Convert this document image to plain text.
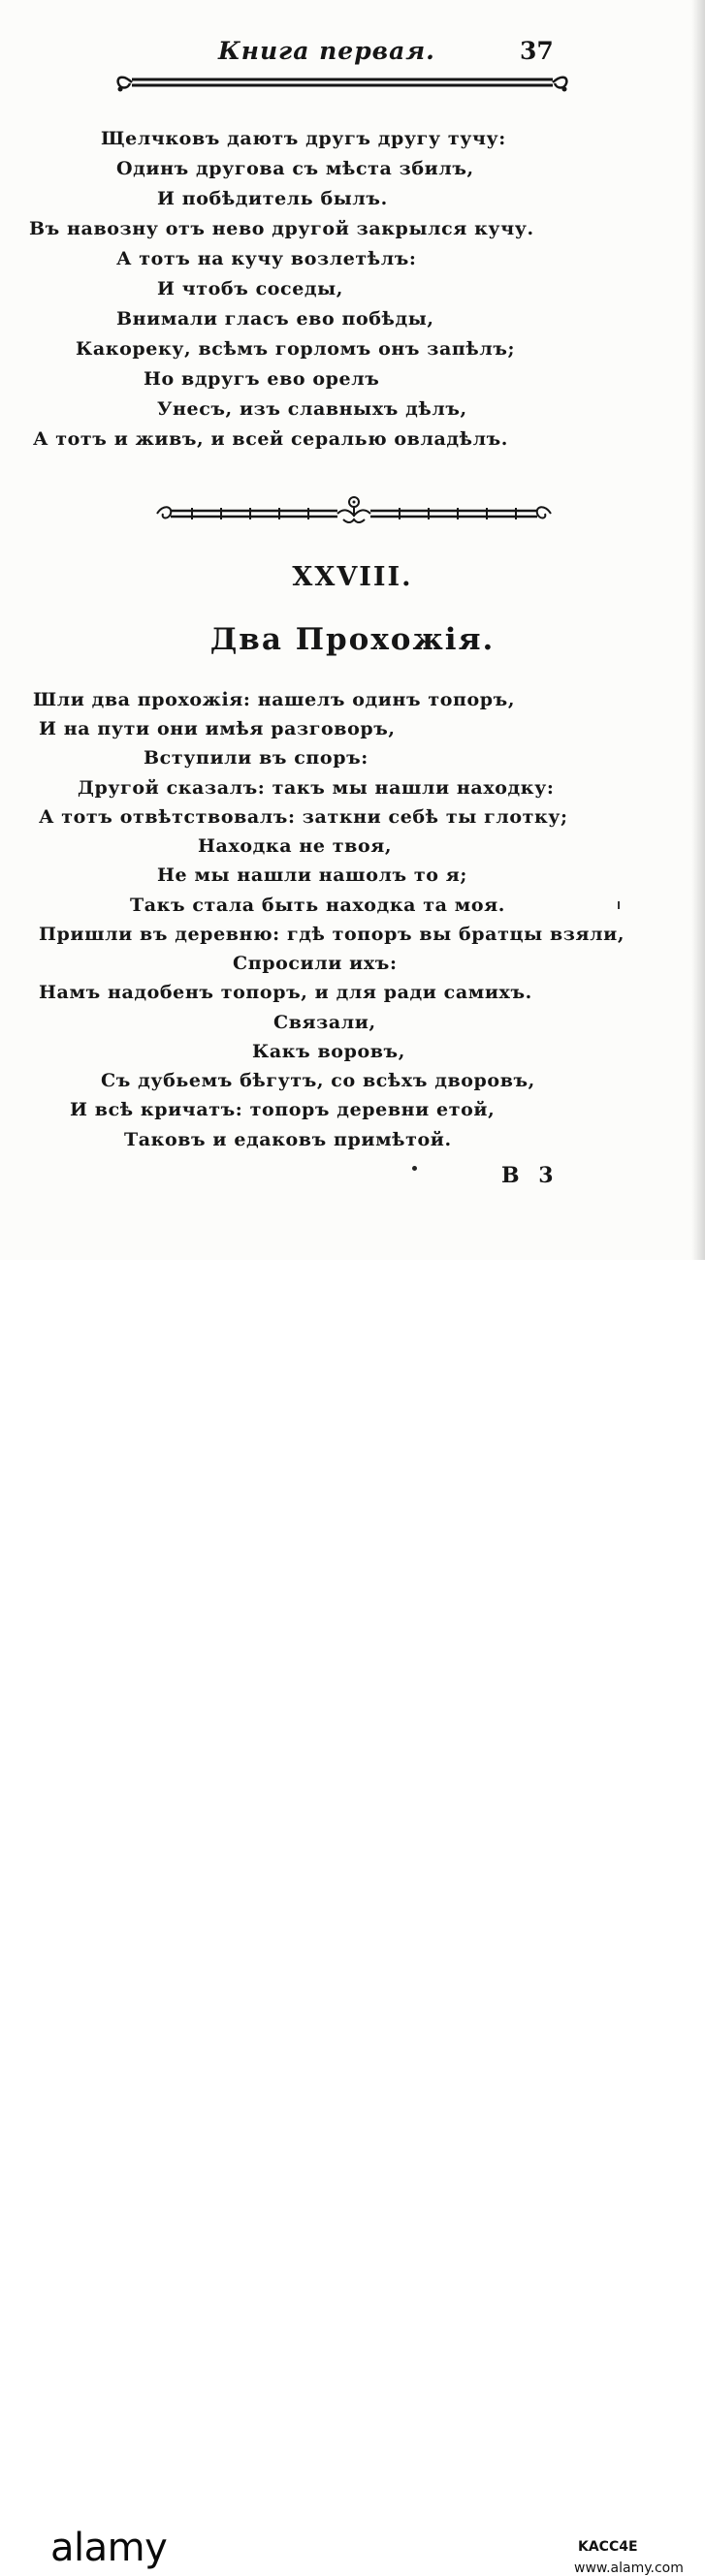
Книга первая.	37
Щелчковъ даютъ другъ другу тучу:
Одинъ другова съ мѣста збилъ,
И побѣдитель былъ.
Въ навозну отъ нево другой закрылся кучу.
А тотъ на кучу возлетѣлъ:
И чтобъ соседы,
Внимали гласъ ево побѣды,
Какореку, всѣмъ горломъ онъ запѣлъ;
Но вдругъ ево орелъ
Унесъ, изъ славныхъ дѣлъ,
А тотъ и живъ, и всей сералью овладѣлъ.
XXVIII.
Два Прохожія.
Шли два прохожія: нашелъ одинъ топоръ,
И на пути они имѣя разговоръ,
Вступили въ споръ:
Другой сказалъ: такъ мы нашли находку:
А тотъ отвѣтствовалъ: заткни себѣ ты глотку;
Находка не твоя,
Не мы нашли нашолъ то я;
Такъ стала быть находка та моя.
Пришли въ деревню: гдѣ топоръ вы братцы взяли,
Спросили ихъ:
Намъ надобенъ топоръ, и для ради самихъ.
Связали,
Какъ воровъ,
Съ дубьемъ бѣгутъ, со всѣхъ дворовъ,
И всѣ кричатъ: топоръ деревни етой,
Таковъ и едаковъ примѣтой.
В 3
alamy	KACC4E
www.alamy.com
